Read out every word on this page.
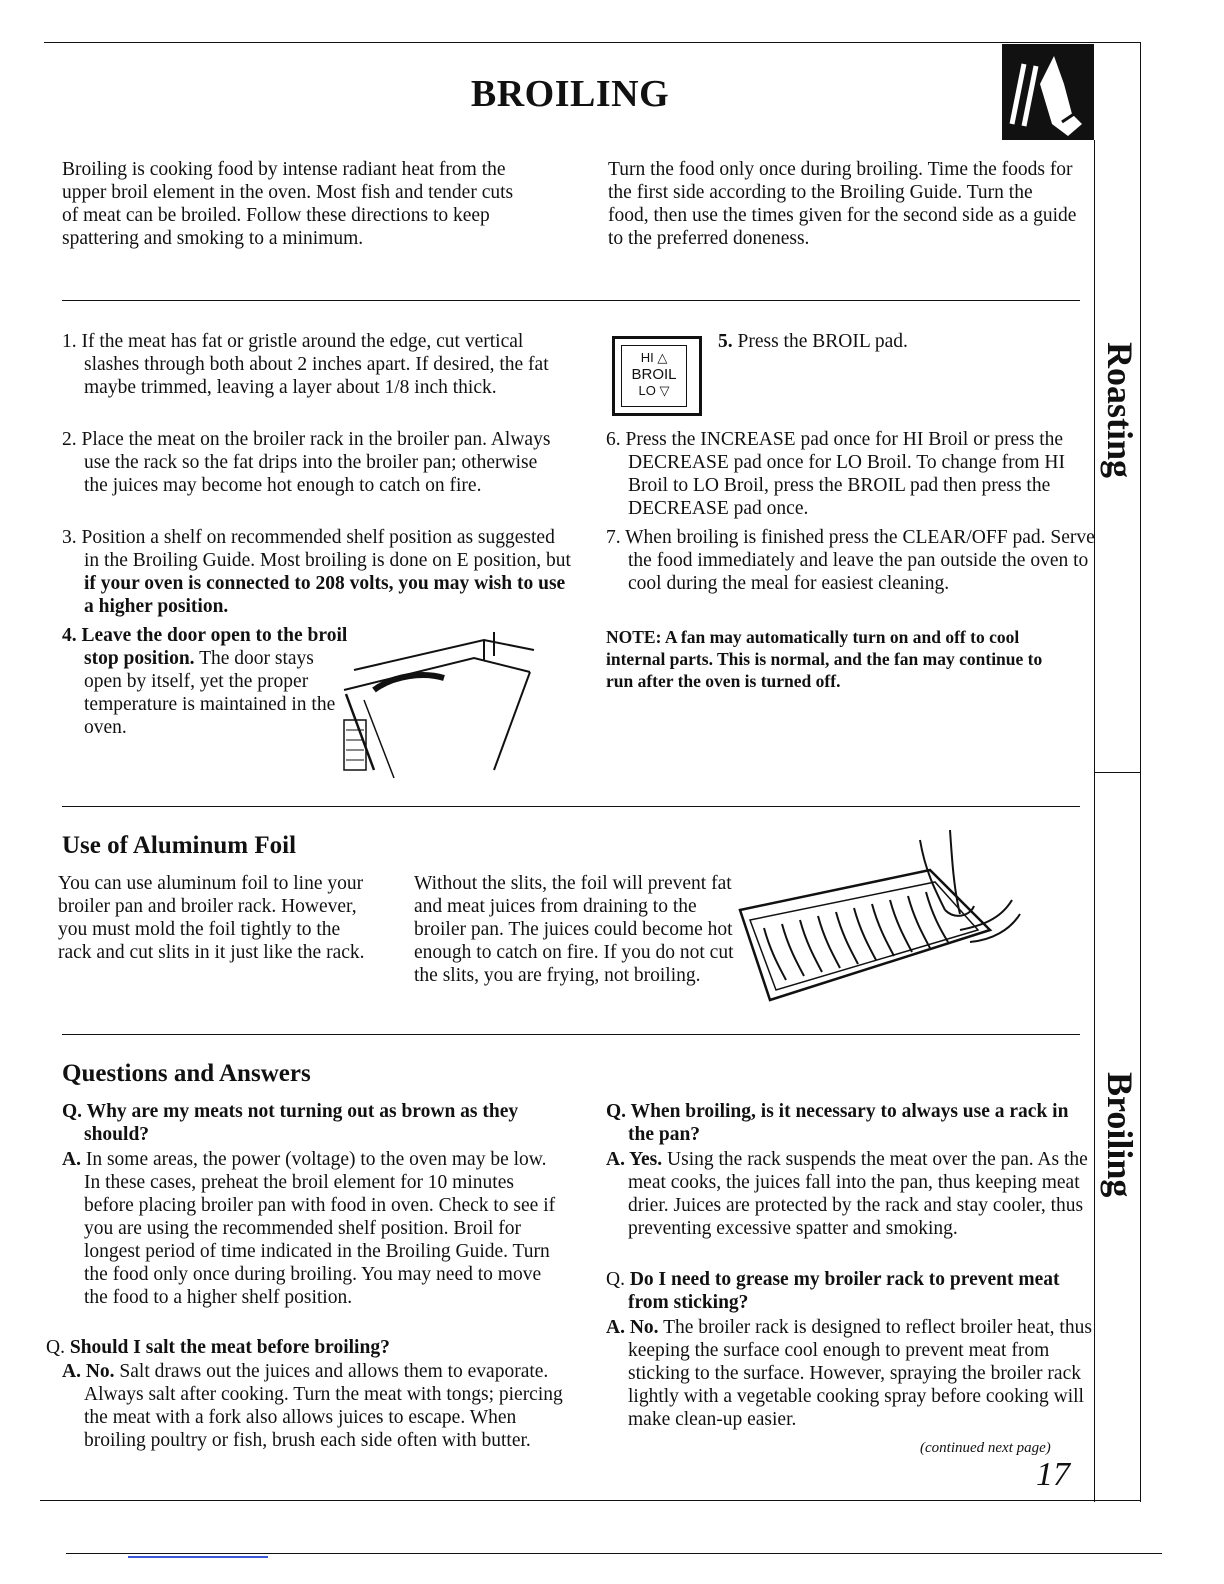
BROILING
Broiling is cooking food by intense radiant heat from the upper broil element in the oven. Most fish and tender cuts of meat can be broiled. Follow these directions to keep spattering and smoking to a minimum.
Turn the food only once during broiling. Time the foods for the first side according to the Broiling Guide. Turn the food, then use the times given for the second side as a guide to the preferred doneness.
1. If the meat has fat or gristle around the edge, cut vertical slashes through both about 2 inches apart. If desired, the fat maybe trimmed, leaving a layer about 1/8 inch thick.
2. Place the meat on the broiler rack in the broiler pan. Always use the rack so the fat drips into the broiler pan; otherwise the juices may become hot enough to catch on fire.
3. Position a shelf on recommended shelf position as suggested in the Broiling Guide. Most broiling is done on E position, but if your oven is connected to 208 volts, you may wish to use a higher position.
4. Leave the door open to the broil stop position. The door stays open by itself, yet the proper temperature is maintained in the oven.
HI △
BROIL
LO ▽
5. Press the BROIL pad.
6. Press the INCREASE pad once for HI Broil or press the DECREASE pad once for LO Broil. To change from HI Broil to LO Broil, press the BROIL pad then press the DECREASE pad once.
7. When broiling is finished press the CLEAR/OFF pad. Serve the food immediately and leave the pan outside the oven to cool during the meal for easiest cleaning.
NOTE: A fan may automatically turn on and off to cool internal parts. This is normal, and the fan may continue to run after the oven is turned off.
Use of Aluminum Foil
You can use aluminum foil to line your broiler pan and broiler rack. However, you must mold the foil tightly to the rack and cut slits in it just like the rack.
Without the slits, the foil will prevent fat and meat juices from draining to the broiler pan. The juices could become hot enough to catch on fire. If you do not cut the slits, you are frying, not broiling.
Questions and Answers
Q. Why are my meats not turning out as brown as they should?
A. In some areas, the power (voltage) to the oven may be low. In these cases, preheat the broil element for 10 minutes before placing broiler pan with food in oven. Check to see if you are using the recommended shelf position. Broil for longest period of time indicated in the Broiling Guide. Turn the food only once during broiling. You may need to move the food to a higher shelf position.
Q. Should I salt the meat before broiling?
A. No. Salt draws out the juices and allows them to evaporate. Always salt after cooking. Turn the meat with tongs; piercing the meat with a fork also allows juices to escape. When broiling poultry or fish, brush each side often with butter.
Q. When broiling, is it necessary to always use a rack in the pan?
A. Yes. Using the rack suspends the meat over the pan. As the meat cooks, the juices fall into the pan, thus keeping meat drier. Juices are protected by the rack and stay cooler, thus preventing excessive spatter and smoking.
Q. Do I need to grease my broiler rack to prevent meat from sticking?
A. No. The broiler rack is designed to reflect broiler heat, thus keeping the surface cool enough to prevent meat from sticking to the surface. However, spraying the broiler rack lightly with a vegetable cooking spray before cooking will make clean-up easier.
(continued next page)
17
Roasting
Broiling
